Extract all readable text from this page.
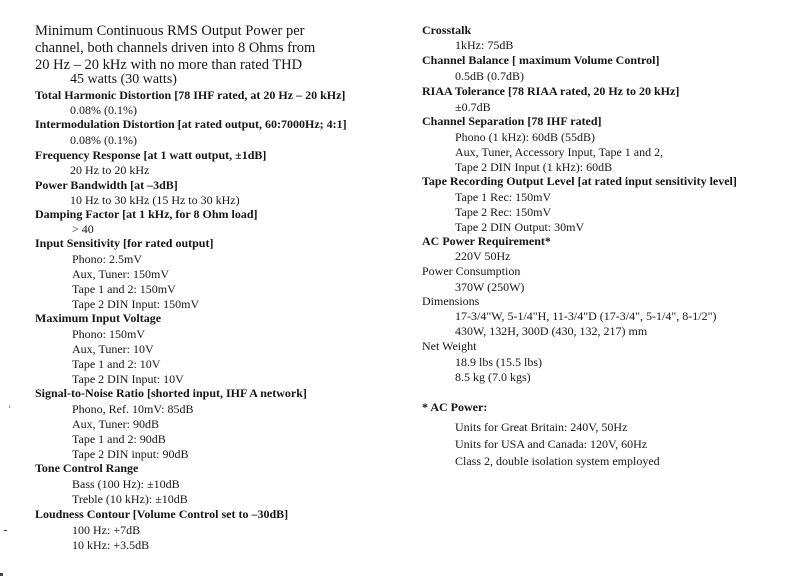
Minimum Continuous RMS Output Power per
channel, both channels driven into 8 Ohms from
20 Hz – 20 kHz with no more than rated THD
45 watts (30 watts)
Total Harmonic Distortion [78 IHF rated, at 20 Hz – 20 kHz]
0.08% (0.1%)
Intermodulation Distortion [at rated output, 60:7000Hz; 4:1]
0.08% (0.1%)
Frequency Response [at 1 watt output, ±1dB]
20 Hz to 20 kHz
Power Bandwidth [at –3dB]
10 Hz to 30 kHz (15 Hz to 30 kHz)
Damping Factor [at 1 kHz, for 8 Ohm load]
> 40
Input Sensitivity [for rated output]
Phono: 2.5mV
Aux, Tuner: 150mV
Tape 1 and 2: 150mV
Tape 2 DIN Input: 150mV
Maximum Input Voltage
Phono: 150mV
Aux, Tuner: 10V
Tape 1 and 2: 10V
Tape 2 DIN Input: 10V
Signal-to-Noise Ratio [shorted input, IHF A network]
Phono, Ref. 10mV: 85dB
Aux, Tuner: 90dB
Tape 1 and 2: 90dB
Tape 2 DIN input: 90dB
Tone Control Range
Bass (100 Hz): ±10dB
Treble (10 kHz): ±10dB
Loudness Contour [Volume Control set to –30dB]
100 Hz: +7dB
10 kHz: +3.5dB
Crosstalk
1kHz: 75dB
Channel Balance [ maximum Volume Control]
0.5dB (0.7dB)
RIAA Tolerance [78 RIAA rated, 20 Hz to 20 kHz]
±0.7dB
Channel Separation [78 IHF rated]
Phono (1 kHz): 60dB (55dB)
Aux, Tuner, Accessory Input, Tape 1 and 2,
Tape 2 DIN Input (1 kHz): 60dB
Tape Recording Output Level [at rated input sensitivity level]
Tape 1 Rec: 150mV
Tape 2 Rec: 150mV
Tape 2 DIN Output: 30mV
AC Power Requirement*
220V 50Hz
Power Consumption
370W (250W)
Dimensions
17-3/4"W, 5-1/4"H, 11-3/4"D (17-3/4", 5-1/4", 8-1/2")
430W, 132H, 300D (430, 132, 217) mm
Net Weight
18.9 lbs (15.5 lbs)
8.5 kg (7.0 kgs)
* AC Power:
Units for Great Britain: 240V, 50Hz
Units for USA and Canada: 120V, 60Hz
Class 2, double isolation system employed
